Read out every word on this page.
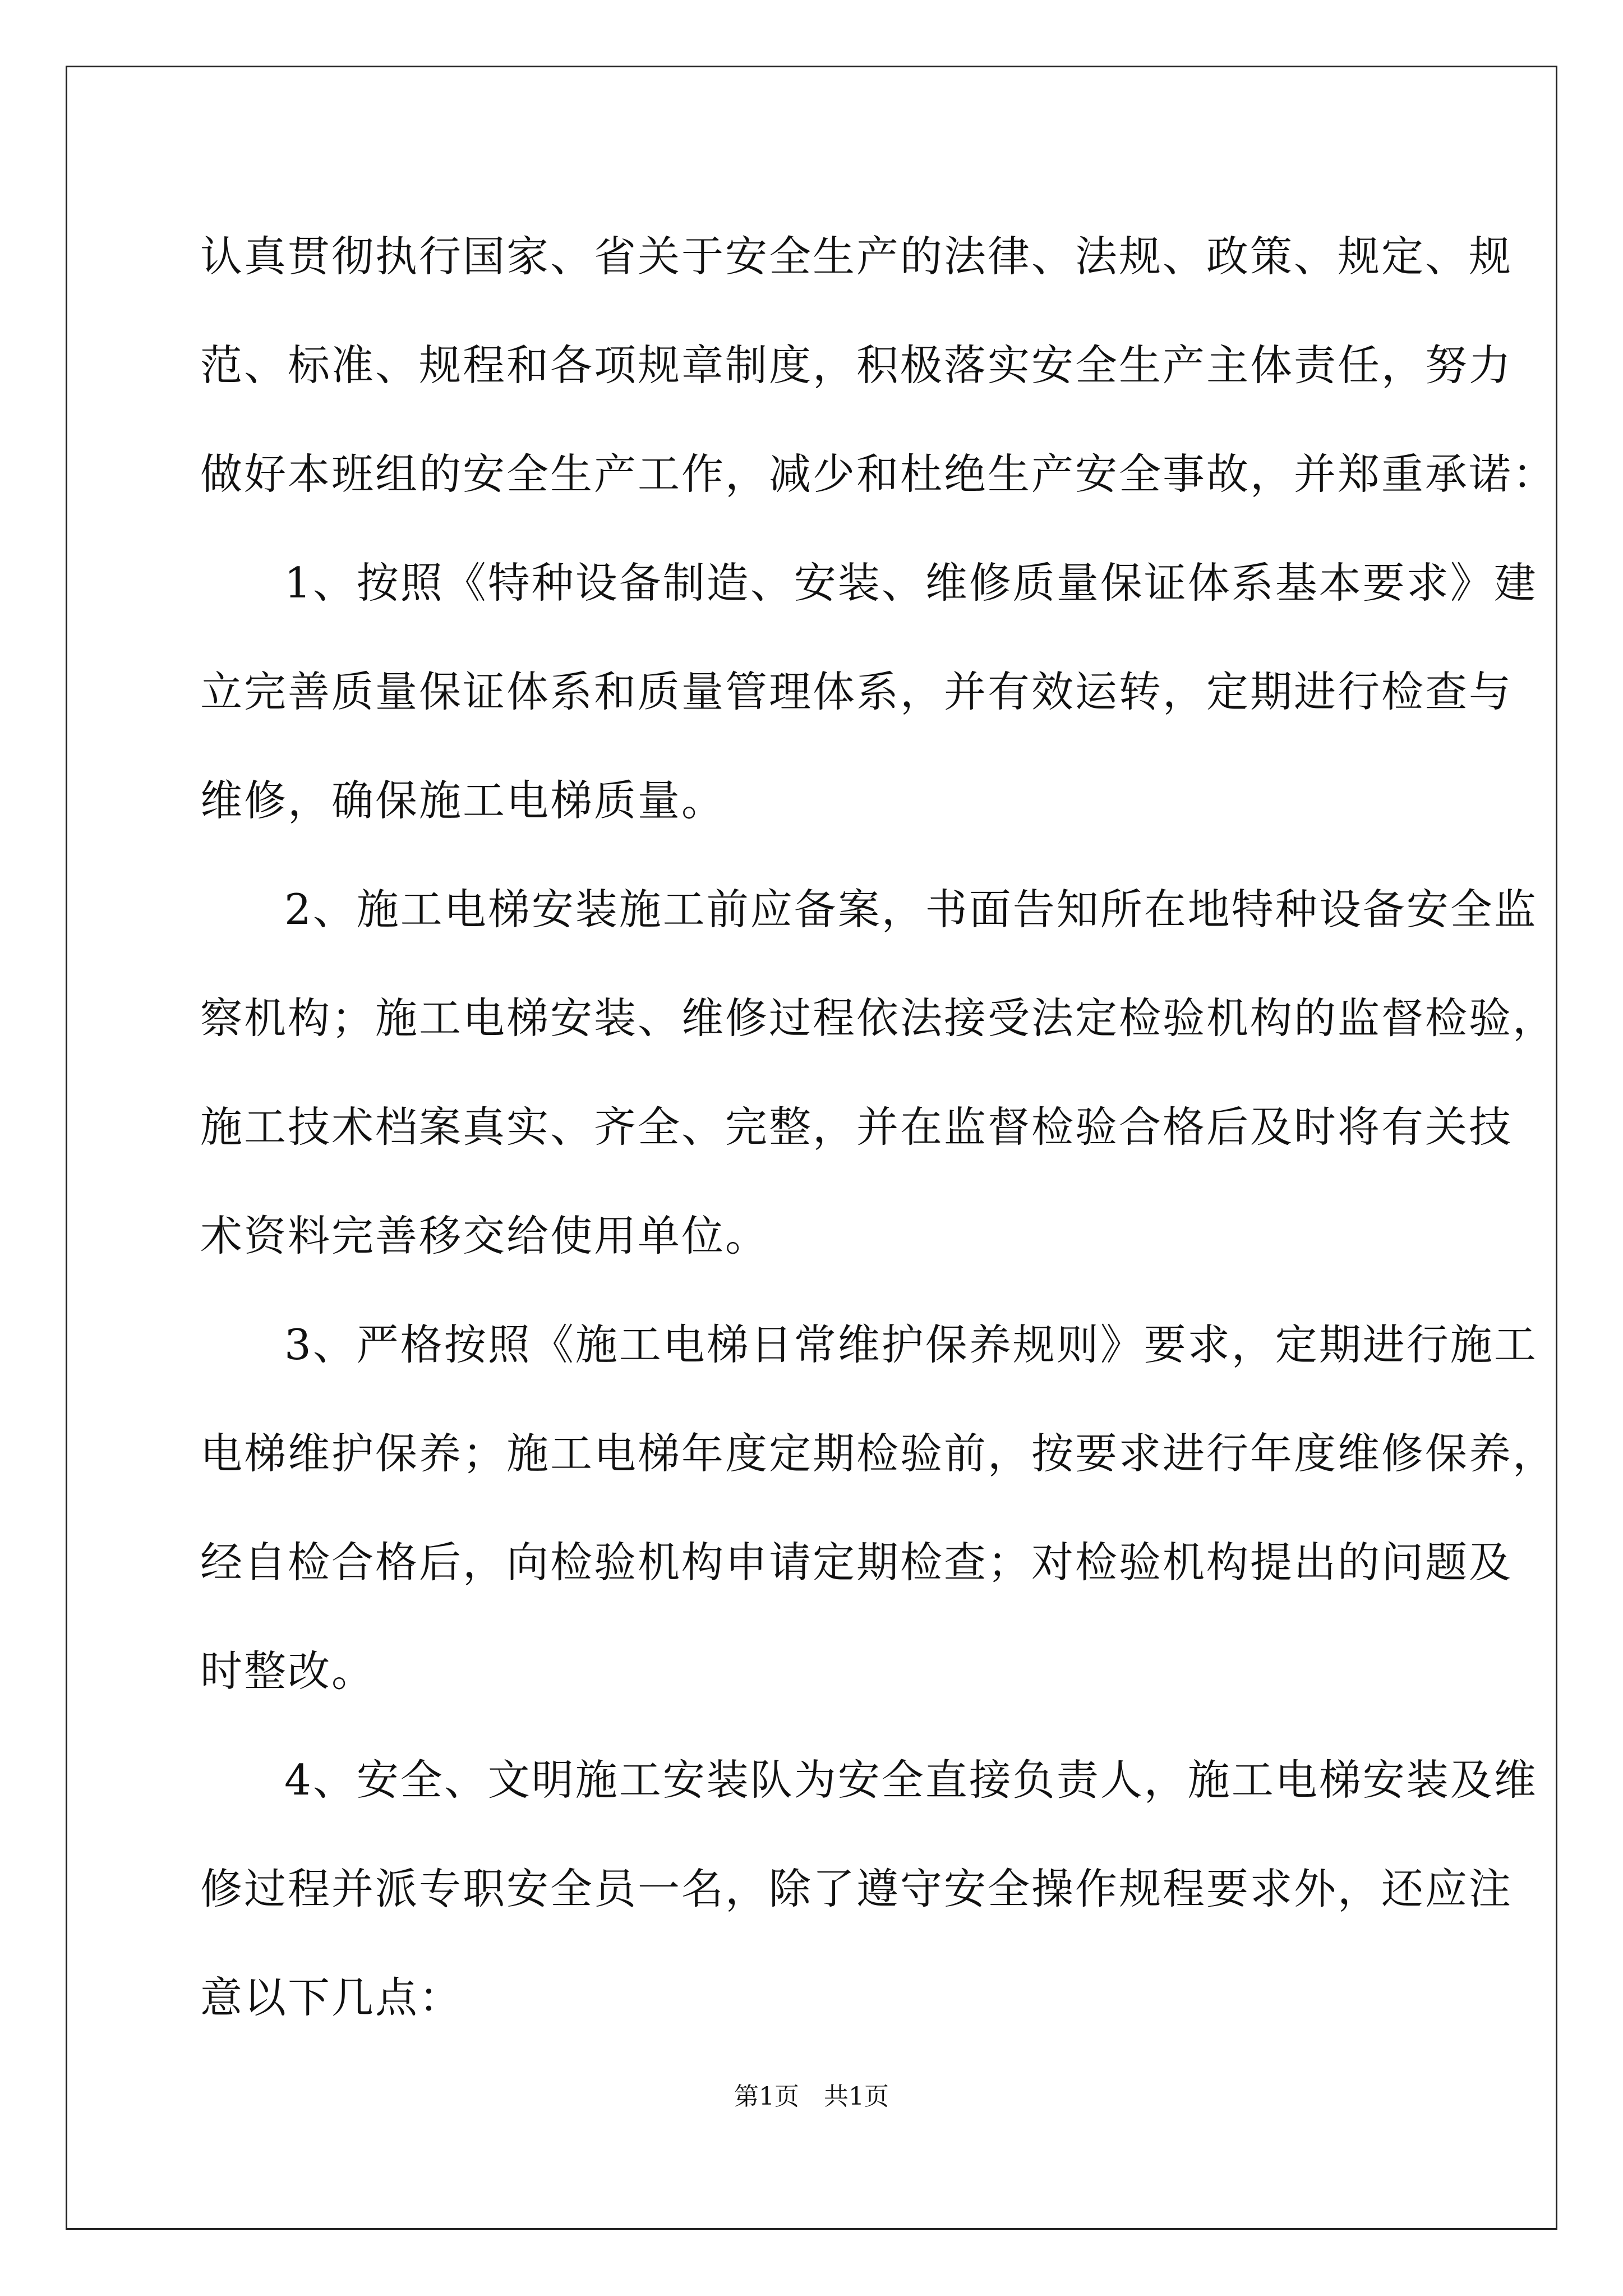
认真贯彻执行国家、省关于安全生产的法律、法规、政策、规定、规
范、标准、规程和各项规章制度，积极落实安全生产主体责任，努力
做好本班组的安全生产工作，减少和杜绝生产安全事故，并郑重承诺：
1、按照《特种设备制造、安装、维修质量保证体系基本要求》建
立完善质量保证体系和质量管理体系，并有效运转，定期进行检查与
维修，确保施工电梯质量。
2、施工电梯安装施工前应备案，书面告知所在地特种设备安全监
察机构；施工电梯安装、维修过程依法接受法定检验机构的监督检验，
施工技术档案真实、齐全、完整，并在监督检验合格后及时将有关技
术资料完善移交给使用单位。
3、严格按照《施工电梯日常维护保养规则》要求，定期进行施工
电梯维护保养；施工电梯年度定期检验前，按要求进行年度维修保养，
经自检合格后，向检验机构申请定期检查；对检验机构提出的问题及
时整改。
4、安全、文明施工安装队为安全直接负责人，施工电梯安装及维
修过程并派专职安全员一名，除了遵守安全操作规程要求外，还应注
意以下几点：
第1页　共1页
